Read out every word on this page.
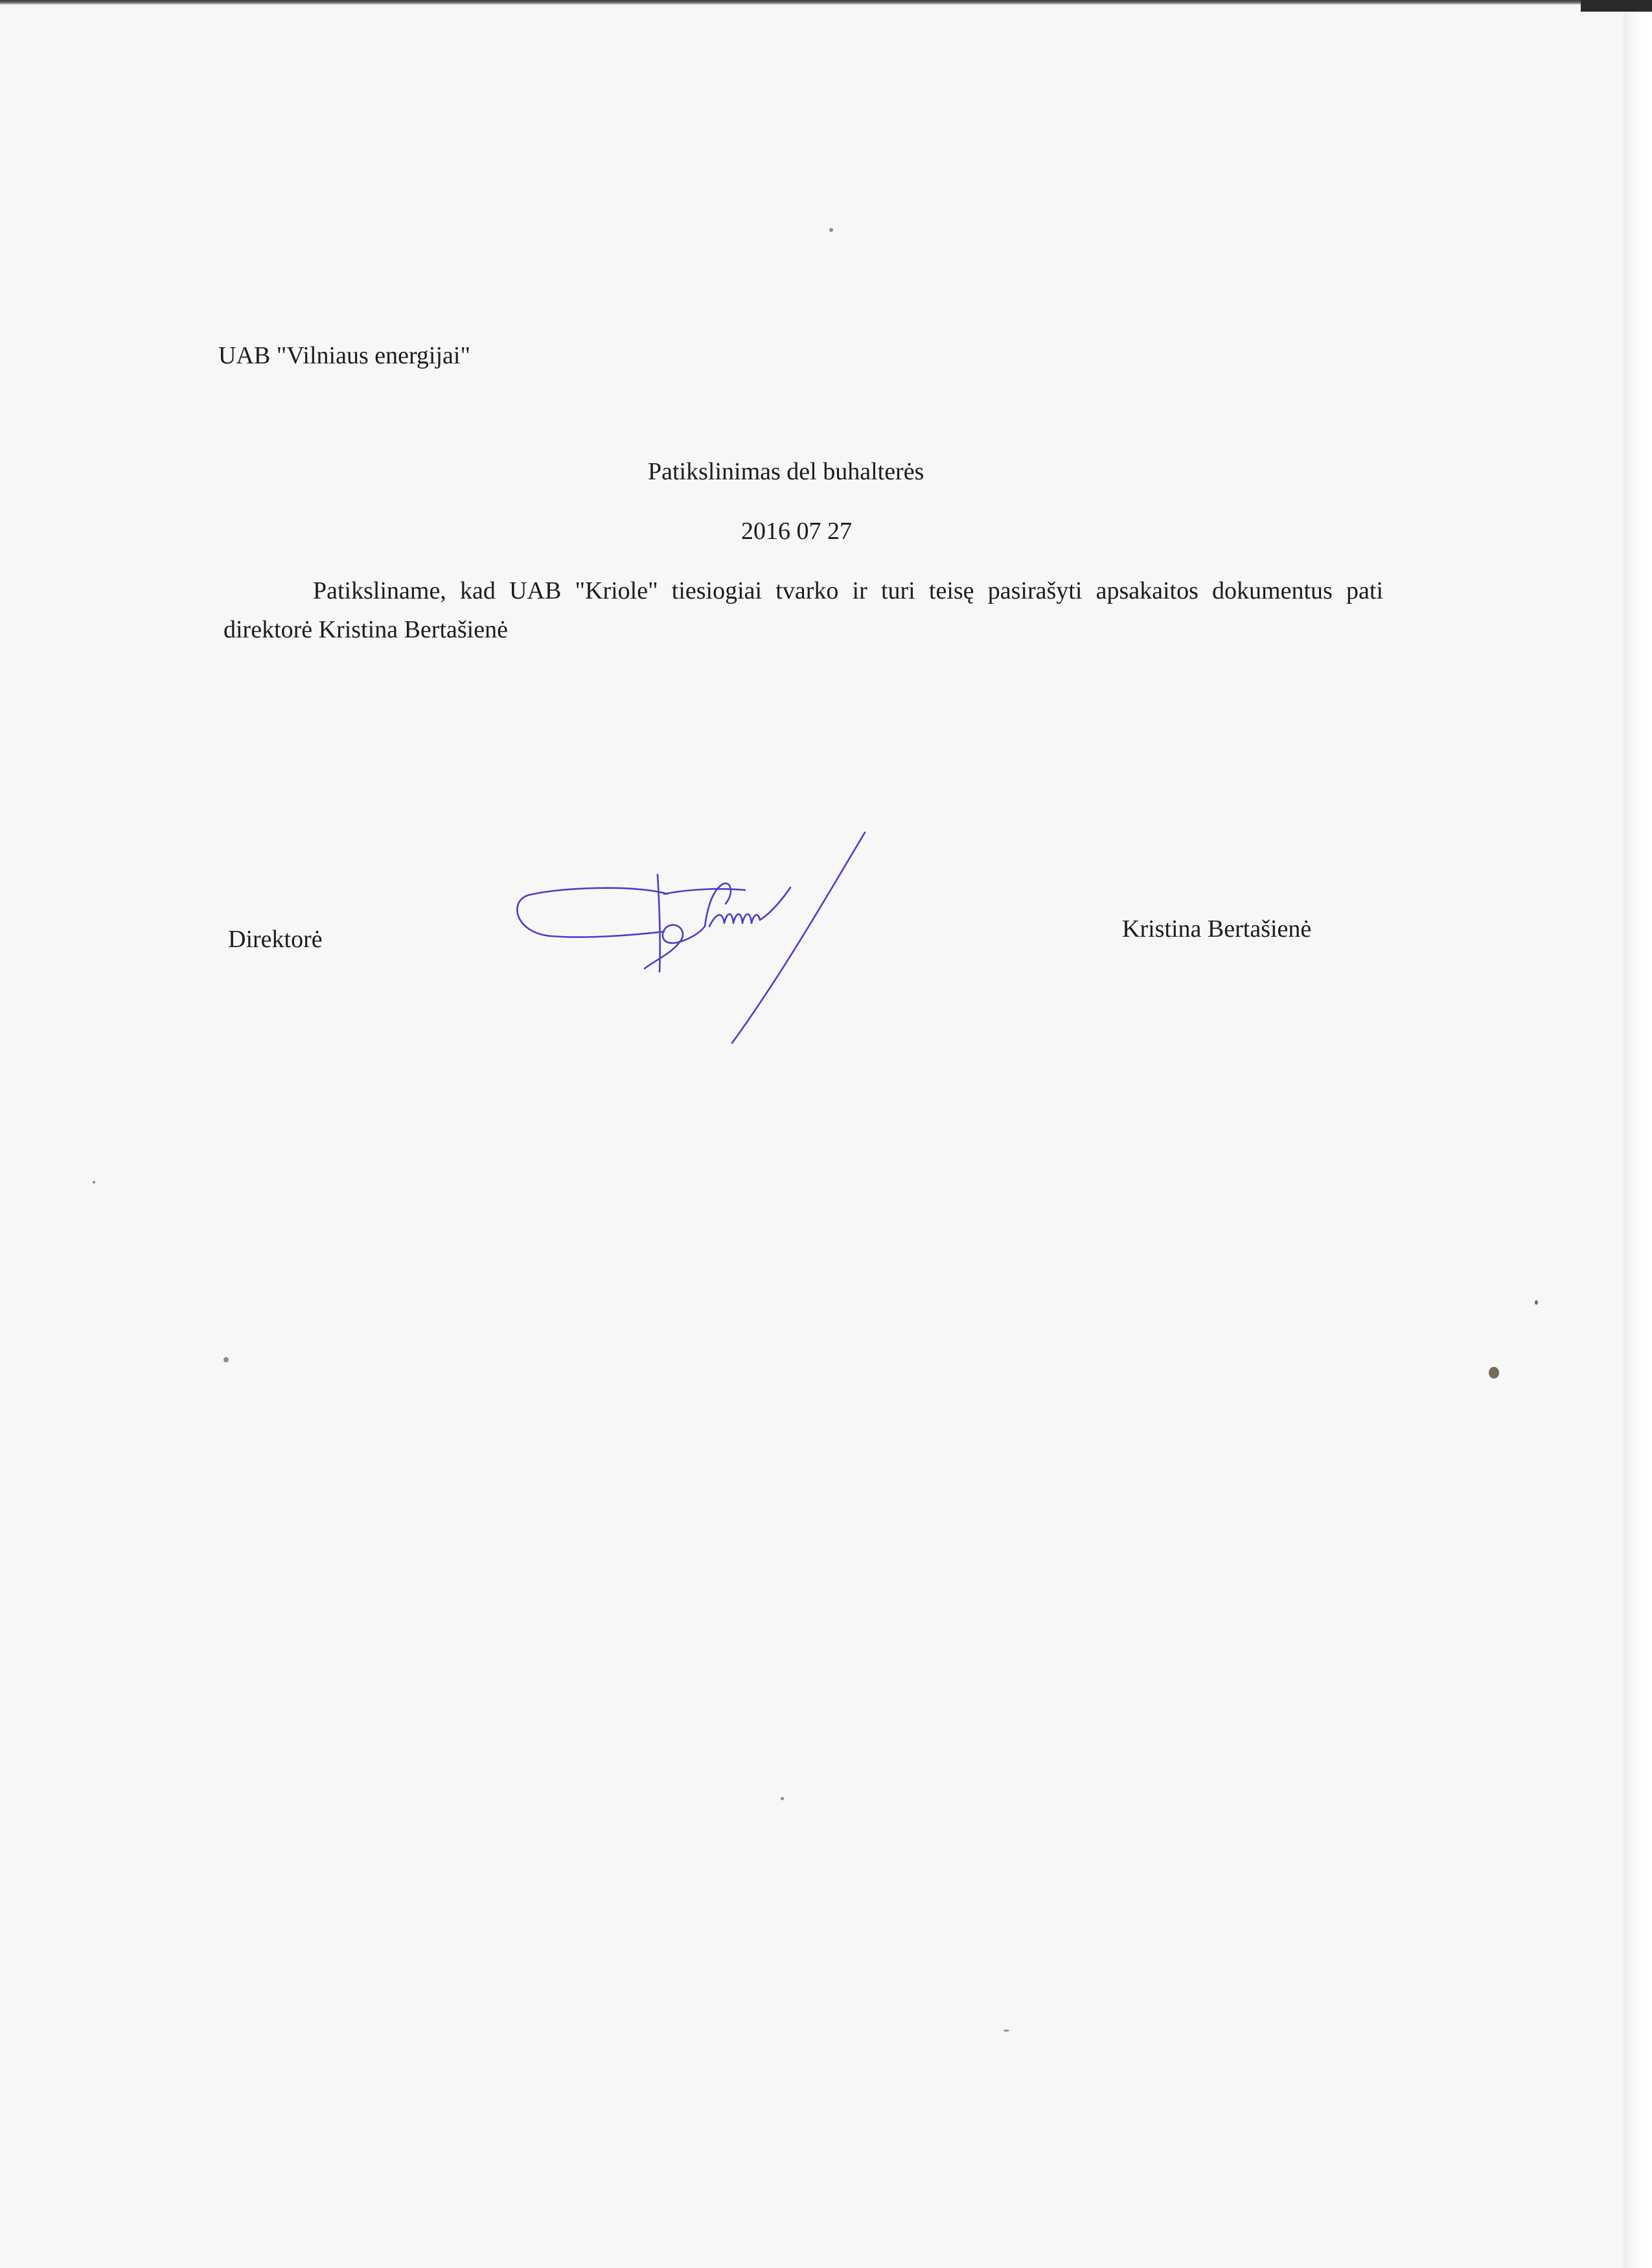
UAB "Vilniaus energijai"
Patikslinimas del buhalterės
2016 07 27
Patiksliname, kad UAB "Kriole" tiesiogiai tvarko ir turi teisę pasirašyti apsakaitos dokumentus pati direktorė Kristina Bertašienė
Direktorė	Kristina Bertašienė
